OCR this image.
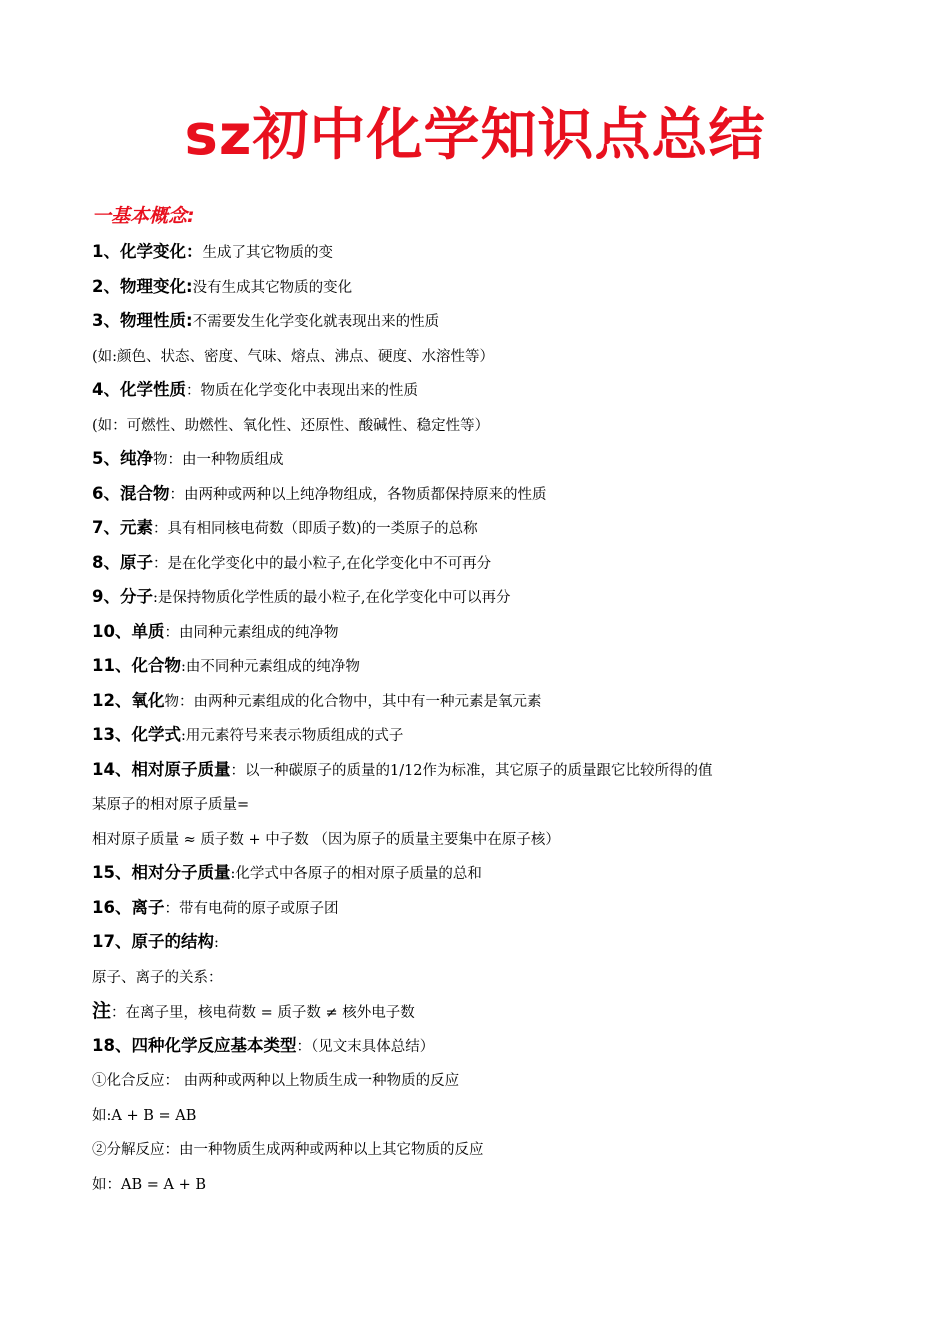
sz初中化学知识点总结
一基本概念:
1、化学变化：生成了其它物质的变
2、物理变化:没有生成其它物质的变化
3、物理性质:不需要发生化学变化就表现出来的性质
(如:颜色、状态、密度、气味、熔点、沸点、硬度、水溶性等）
4、化学性质：物质在化学变化中表现出来的性质
(如：可燃性、助燃性、氧化性、还原性、酸碱性、稳定性等）
5、纯净物：由一种物质组成
6、混合物：由两种或两种以上纯净物组成，各物质都保持原来的性质
7、元素：具有相同核电荷数（即质子数)的一类原子的总称
8、原子：是在化学变化中的最小粒子,在化学变化中不可再分
9、分子:是保持物质化学性质的最小粒子,在化学变化中可以再分
10、单质：由同种元素组成的纯净物
11、化合物:由不同种元素组成的纯净物
12、氧化物：由两种元素组成的化合物中，其中有一种元素是氧元素
13、化学式:用元素符号来表示物质组成的式子
14、相对原子质量：以一种碳原子的质量的1/12作为标准，其它原子的质量跟它比较所得的值
某原子的相对原子质量=
相对原子质量 ≈ 质子数 + 中子数 （因为原子的质量主要集中在原子核）
15、相对分子质量:化学式中各原子的相对原子质量的总和
16、离子：带有电荷的原子或原子团
17、原子的结构:
原子、离子的关系：
注：在离子里，核电荷数 = 质子数 ≠ 核外电子数
18、四种化学反应基本类型：（见文末具体总结）
①化合反应： 由两种或两种以上物质生成一种物质的反应
如:A + B = AB
②分解反应：由一种物质生成两种或两种以上其它物质的反应
如：AB = A + B
